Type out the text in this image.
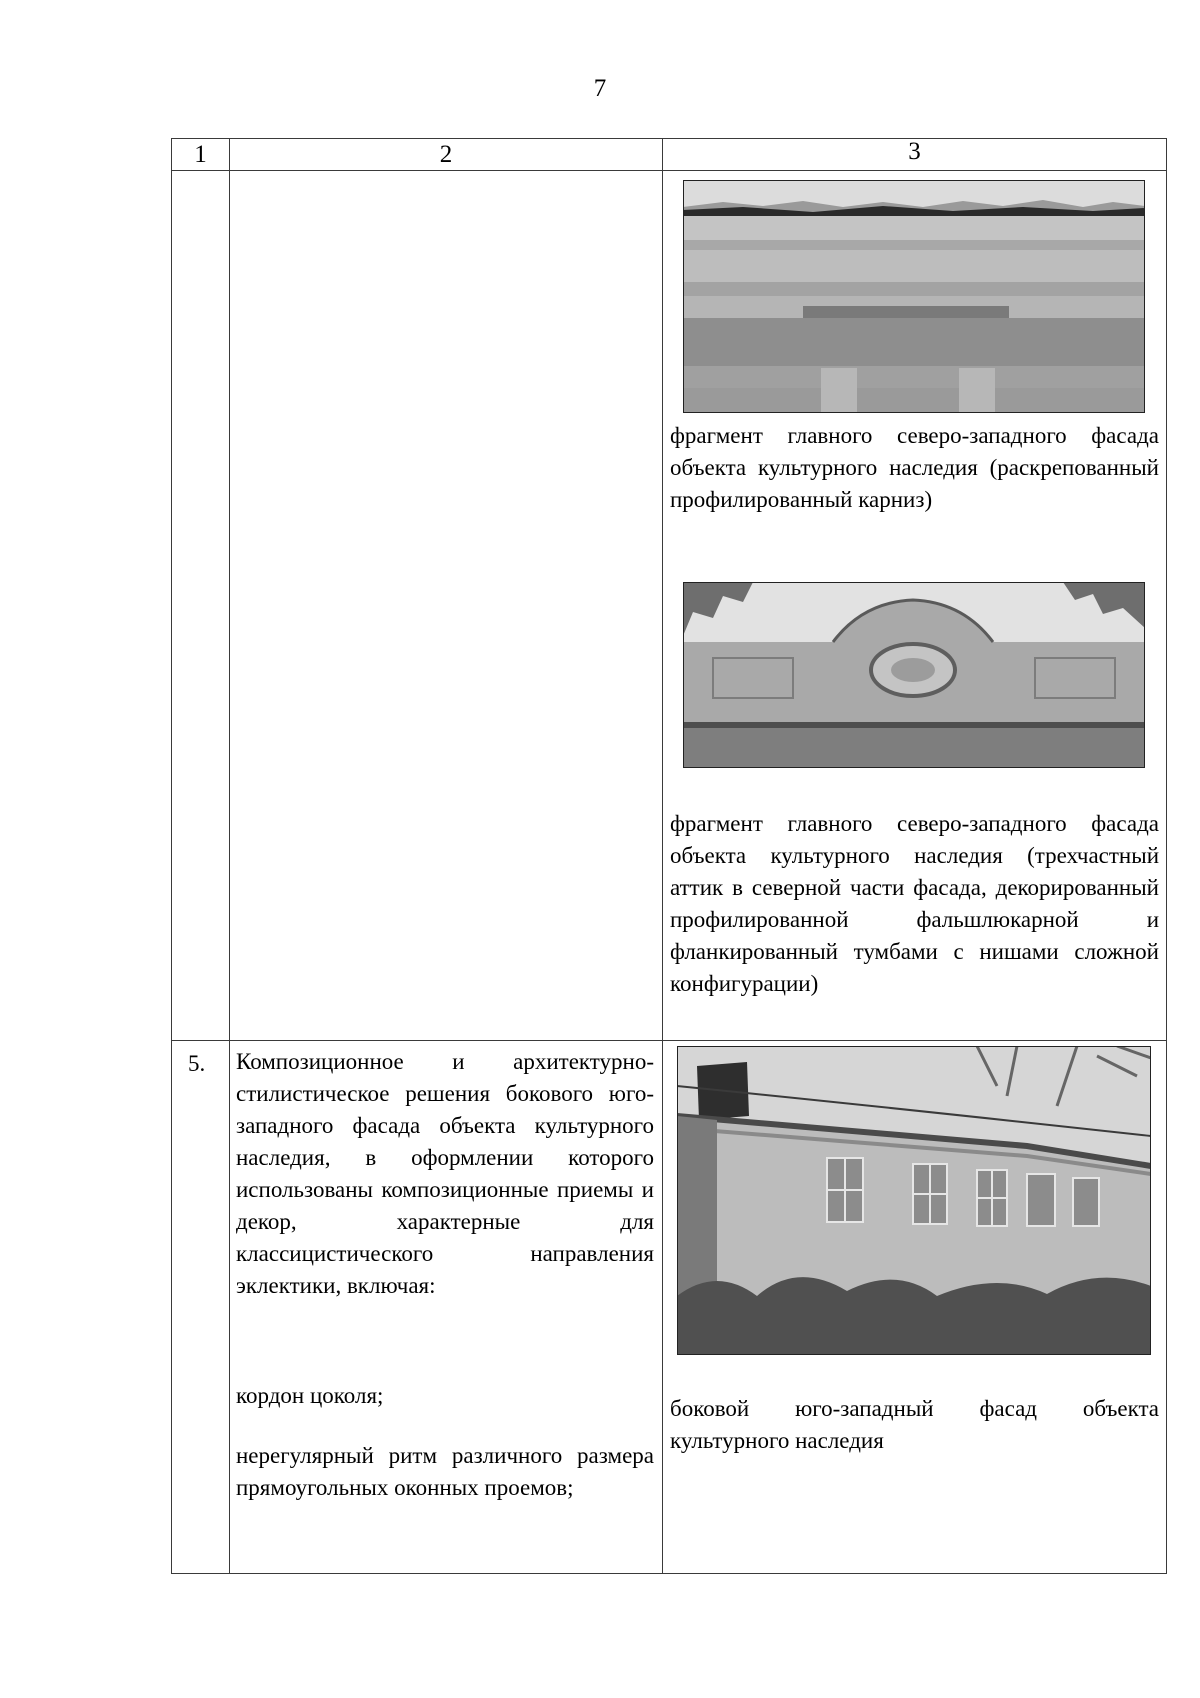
7
1	2	3
фрагмент главного северо-западного фасада объекта культурного наследия (раскрепованный профилированный карниз)
фрагмент главного северо-западного фасада объекта культурного наследия (трехчастный аттик в северной части фасада, декорированный профилированной фальшлюкарной и фланкированный тумбами с нишами сложной конфигурации)
5. Композиционное и архитектурно-стилистическое решения бокового юго-западного фасада объекта культурного наследия, в оформлении которого использованы композиционные приемы и декор, характерные для классицистического направления эклектики, включая:

кордон цоколя;
нерегулярный ритм различного размера прямоугольных оконных проемов;
боковой юго-западный фасад объекта культурного наследия
